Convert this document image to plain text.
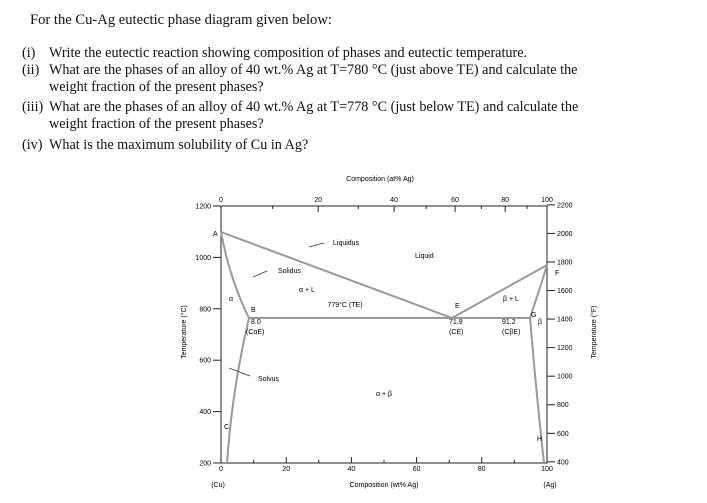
For the Cu-Ag eutectic phase diagram given below:
(i) Write the eutectic reaction showing composition of phases and eutectic temperature.
(ii) What are the phases of an alloy of 40 wt.% Ag at T=780 °C (just above TE) and calculate the
weight fraction of the present phases?
(iii) What are the phases of an alloy of 40 wt.% Ag at T=778 °C (just below TE) and calculate the
weight fraction of the present phases?
(iv) What is the maximum solubility of Cu in Ag?
Composition (at% Ag)
Composition (wt% Ag)
Temperature (°C)	Temperature (°F)
(Cu)	(Ag)
1200
1000
800
600
400
200
2200
2000
1800
1600
1400
1200
1000
800
600
400
0	20	40	60	80	100
0	20	40	60	80	100
Liquidus
Solidus
Solvus
Liquid
α + L
β + L
α + β
α
β
779°C (TE)
A
B
8.0
(CαE)
C
E
71.9
(CE)
F
G
91.2
(CβE)
H
